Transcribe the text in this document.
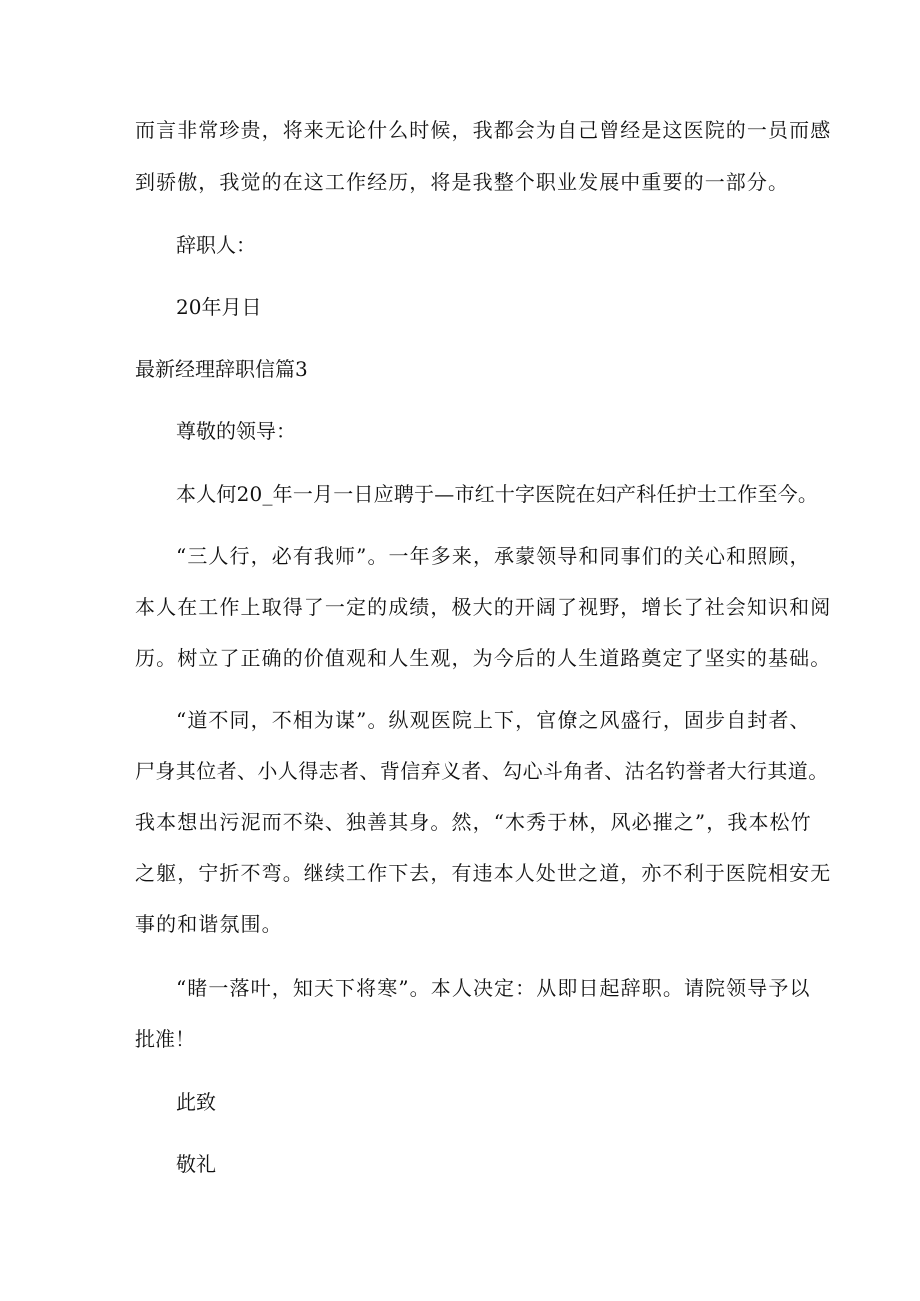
而言非常珍贵，将来无论什么时候，我都会为自己曾经是这医院的一员而感

到骄傲，我觉的在这工作经历，将是我整个职业发展中重要的一部分。

辞职人：

20年月日

最新经理辞职信篇3

尊敬的领导：

本人何20_年一月一日应聘于—市红十字医院在妇产科任护士工作至今。

“三人行，必有我师”。一年多来，承蒙领导和同事们的关心和照顾，

本人在工作上取得了一定的成绩，极大的开阔了视野，增长了社会知识和阅

历。树立了正确的价值观和人生观，为今后的人生道路奠定了坚实的基础。

“道不同，不相为谋”。纵观医院上下，官僚之风盛行，固步自封者、

尸身其位者、小人得志者、背信弃义者、勾心斗角者、沽名钓誉者大行其道。

我本想出污泥而不染、独善其身。然，“木秀于林，风必摧之”，我本松竹

之躯，宁折不弯。继续工作下去，有违本人处世之道，亦不利于医院相安无

事的和谐氛围。

“睹一落叶，知天下将寒”。本人决定：从即日起辞职。请院领导予以

批准！

此致

敬礼
